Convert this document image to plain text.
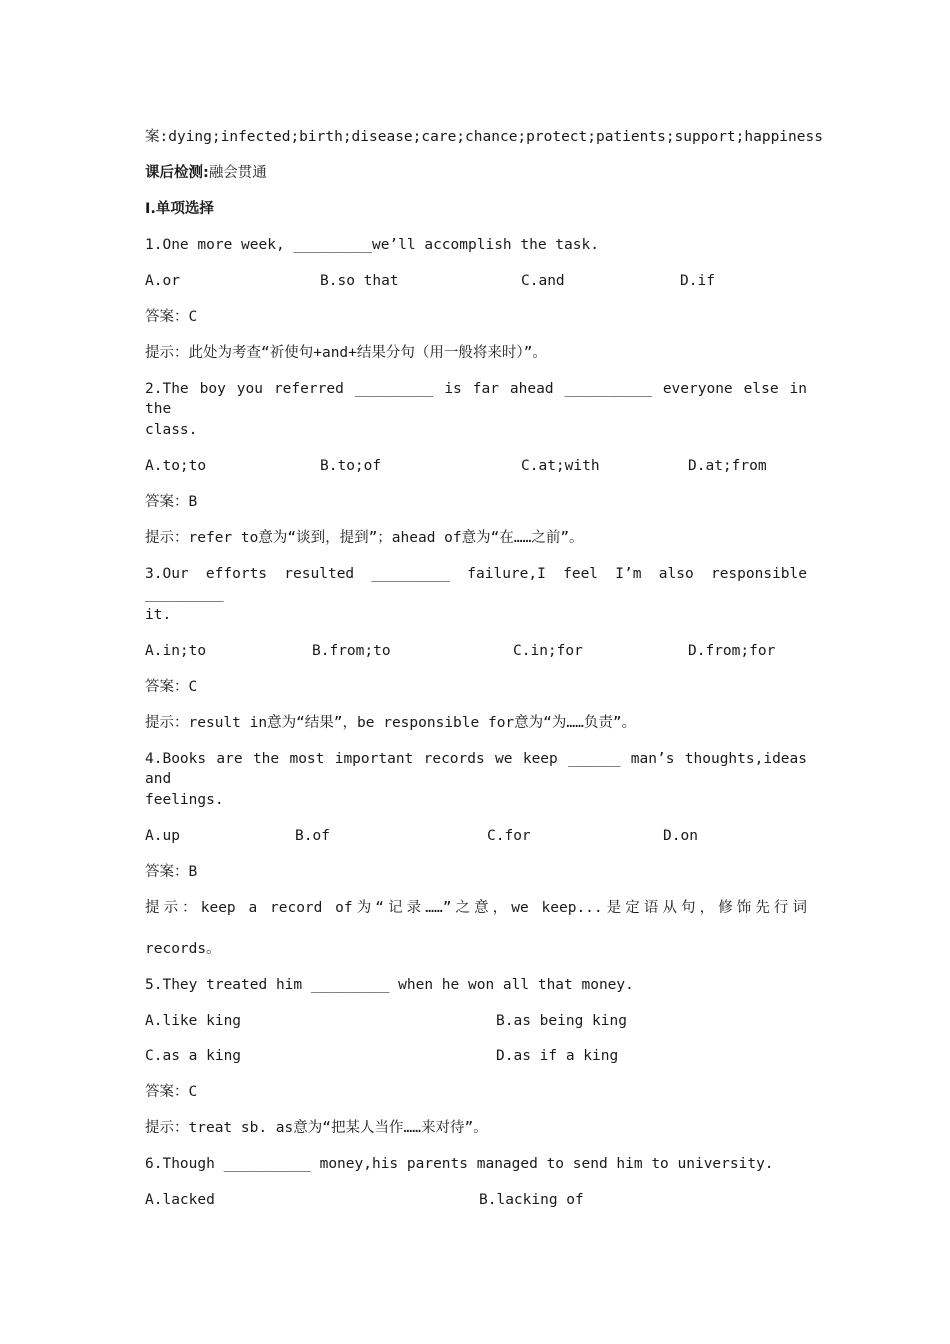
案:dying;infected;birth;disease;care;chance;protect;patients;support;happiness
课后检测:融会贯通
Ⅰ.单项选择
1.One more week, _________we’ll accomplish the task.
A.or	B.so that	C.and	D.if
答案：C
提示：此处为考查“祈使句+and+结果分句（用一般将来时）”。
2.The boy you referred _________ is far ahead __________ everyone else in the
class.
A.to;to	B.to;of	C.at;with	D.at;from
答案：B
提示：refer to意为“谈到，提到”；ahead of意为“在……之前”。
3.Our efforts resulted _________ failure,I feel I’m also responsible _________
it.
A.in;to	B.from;to	C.in;for	D.from;for
答案：C
提示：result in意为“结果”，be responsible for意为“为……负责”。
4.Books are the most important records we keep ______ man’s thoughts,ideas and
feelings.
A.up	B.of	C.for	D.on
答案：B
提示：keep a record of为“记录……”之意，we keep...是定语从句，修饰先行词
records。
5.They treated him _________ when he won all that money.
A.like king	B.as being king
C.as a king	D.as if a king
答案：C
提示：treat sb. as意为“把某人当作……来对待”。
6.Though __________ money,his parents managed to send him to university.
A.lacked	B.lacking of
